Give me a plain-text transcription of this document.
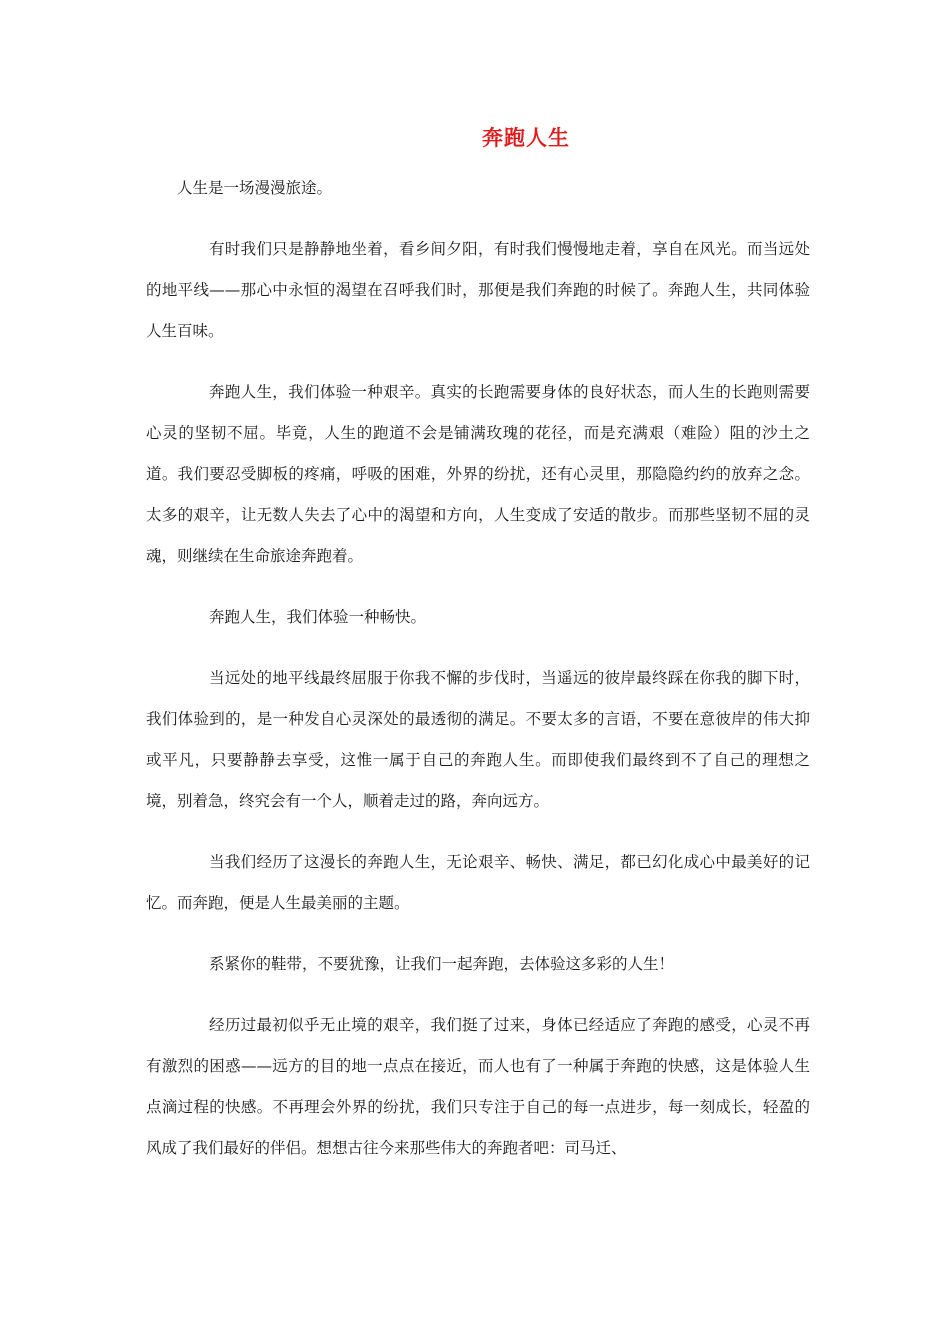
奔跑人生

人生是一场漫漫旅途。

有时我们只是静静地坐着，看乡间夕阳，有时我们慢慢地走着，享自在风光。而当远处的地平线——那心中永恒的渴望在召呼我们时，那便是我们奔跑的时候了。奔跑人生，共同体验人生百味。

奔跑人生，我们体验一种艰辛。真实的长跑需要身体的良好状态，而人生的长跑则需要心灵的坚韧不屈。毕竟，人生的跑道不会是铺满玫瑰的花径，而是充满艰（难险）阻的沙土之道。我们要忍受脚板的疼痛，呼吸的困难，外界的纷扰，还有心灵里，那隐隐约约的放弃之念。太多的艰辛，让无数人失去了心中的渴望和方向，人生变成了安适的散步。而那些坚韧不屈的灵魂，则继续在生命旅途奔跑着。

奔跑人生，我们体验一种畅快。

当远处的地平线最终屈服于你我不懈的步伐时，当遥远的彼岸最终踩在你我的脚下时，我们体验到的，是一种发自心灵深处的最透彻的满足。不要太多的言语，不要在意彼岸的伟大抑或平凡，只要静静去享受，这惟一属于自己的奔跑人生。而即使我们最终到不了自己的理想之境，别着急，终究会有一个人，顺着走过的路，奔向远方。

当我们经历了这漫长的奔跑人生，无论艰辛、畅快、满足，都已幻化成心中最美好的记忆。而奔跑，便是人生最美丽的主题。

系紧你的鞋带，不要犹豫，让我们一起奔跑，去体验这多彩的人生！

经历过最初似乎无止境的艰辛，我们挺了过来，身体已经适应了奔跑的感受，心灵不再有激烈的困惑——远方的目的地一点点在接近，而人也有了一种属于奔跑的快感，这是体验人生点滴过程的快感。不再理会外界的纷扰，我们只专注于自己的每一点进步，每一刻成长，轻盈的风成了我们最好的伴侣。想想古往今来那些伟大的奔跑者吧：司马迁、
